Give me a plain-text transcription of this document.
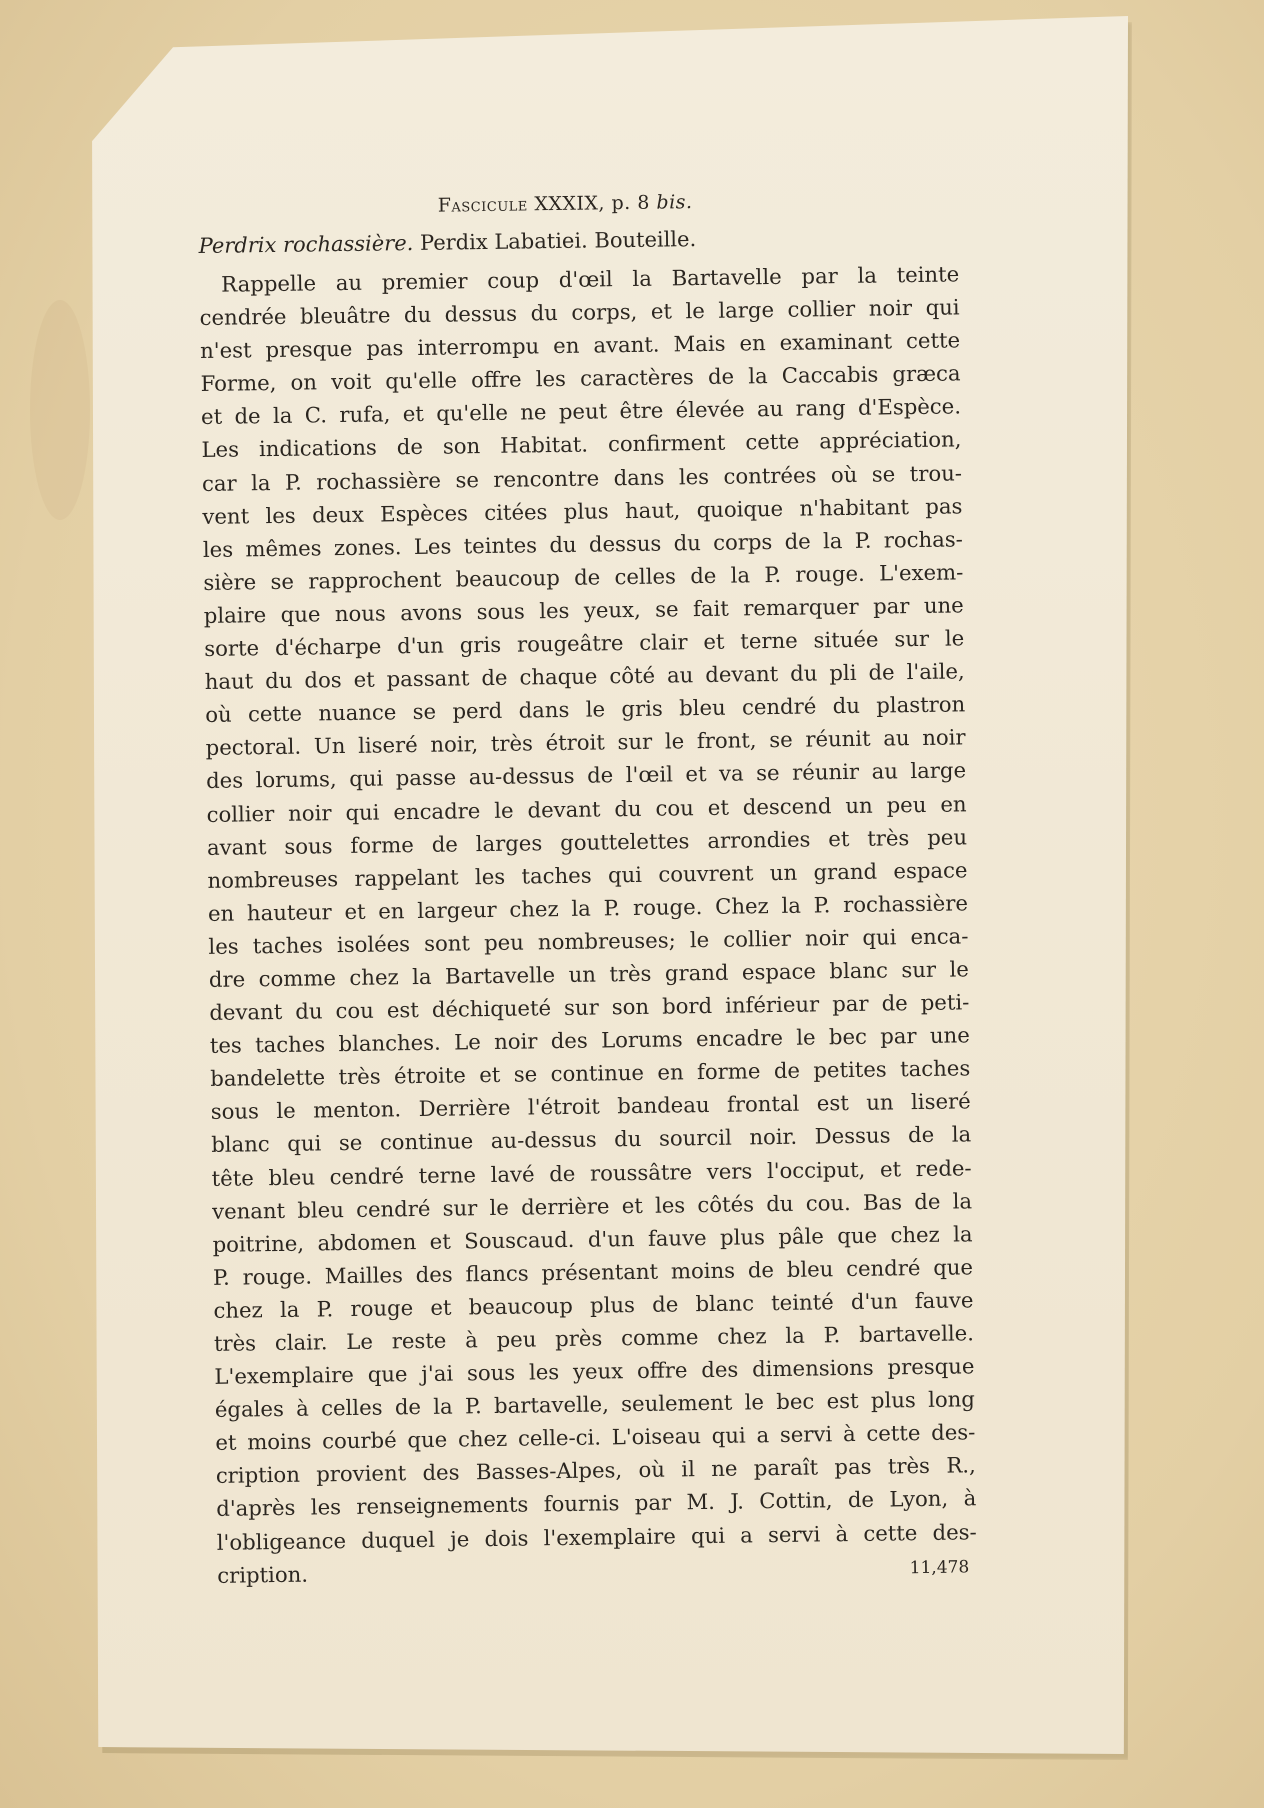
Fascicule XXXIX, p. 8 bis.
Perdrix rochassière. Perdix Labatiei. Bouteille.
Rappelle au premier coup d'œil la Bartavelle par la teinte
cendrée bleuâtre du dessus du corps, et le large collier noir qui
n'est presque pas interrompu en avant. Mais en examinant cette
Forme, on voit qu'elle offre les caractères de la Caccabis græca
et de la C. rufa, et qu'elle ne peut être élevée au rang d'Espèce.
Les indications de son Habitat. confirment cette appréciation,
car la P. rochassière se rencontre dans les contrées où se trou-
vent les deux Espèces citées plus haut, quoique n'habitant pas
les mêmes zones. Les teintes du dessus du corps de la P. rochas-
sière se rapprochent beaucoup de celles de la P. rouge. L'exem-
plaire que nous avons sous les yeux, se fait remarquer par une
sorte d'écharpe d'un gris rougeâtre clair et terne située sur le
haut du dos et passant de chaque côté au devant du pli de l'aile,
où cette nuance se perd dans le gris bleu cendré du plastron
pectoral. Un liseré noir, très étroit sur le front, se réunit au noir
des lorums, qui passe au-dessus de l'œil et va se réunir au large
collier noir qui encadre le devant du cou et descend un peu en
avant sous forme de larges gouttelettes arrondies et très peu
nombreuses rappelant les taches qui couvrent un grand espace
en hauteur et en largeur chez la P. rouge. Chez la P. rochassière
les taches isolées sont peu nombreuses; le collier noir qui enca-
dre comme chez la Bartavelle un très grand espace blanc sur le
devant du cou est déchiqueté sur son bord inférieur par de peti-
tes taches blanches. Le noir des Lorums encadre le bec par une
bandelette très étroite et se continue en forme de petites taches
sous le menton. Derrière l'étroit bandeau frontal est un liseré
blanc qui se continue au-dessus du sourcil noir. Dessus de la
tête bleu cendré terne lavé de roussâtre vers l'occiput, et rede-
venant bleu cendré sur le derrière et les côtés du cou. Bas de la
poitrine, abdomen et Souscaud. d'un fauve plus pâle que chez la
P. rouge. Mailles des flancs présentant moins de bleu cendré que
chez la P. rouge et beaucoup plus de blanc teinté d'un fauve
très clair. Le reste à peu près comme chez la P. bartavelle.
L'exemplaire que j'ai sous les yeux offre des dimensions presque
égales à celles de la P. bartavelle, seulement le bec est plus long
et moins courbé que chez celle-ci. L'oiseau qui a servi à cette des-
cription provient des Basses-Alpes, où il ne paraît pas très R.,
d'après les renseignements fournis par M. J. Cottin, de Lyon, à
l'obligeance duquel je dois l'exemplaire qui a servi à cette des-
cription.	11,478
